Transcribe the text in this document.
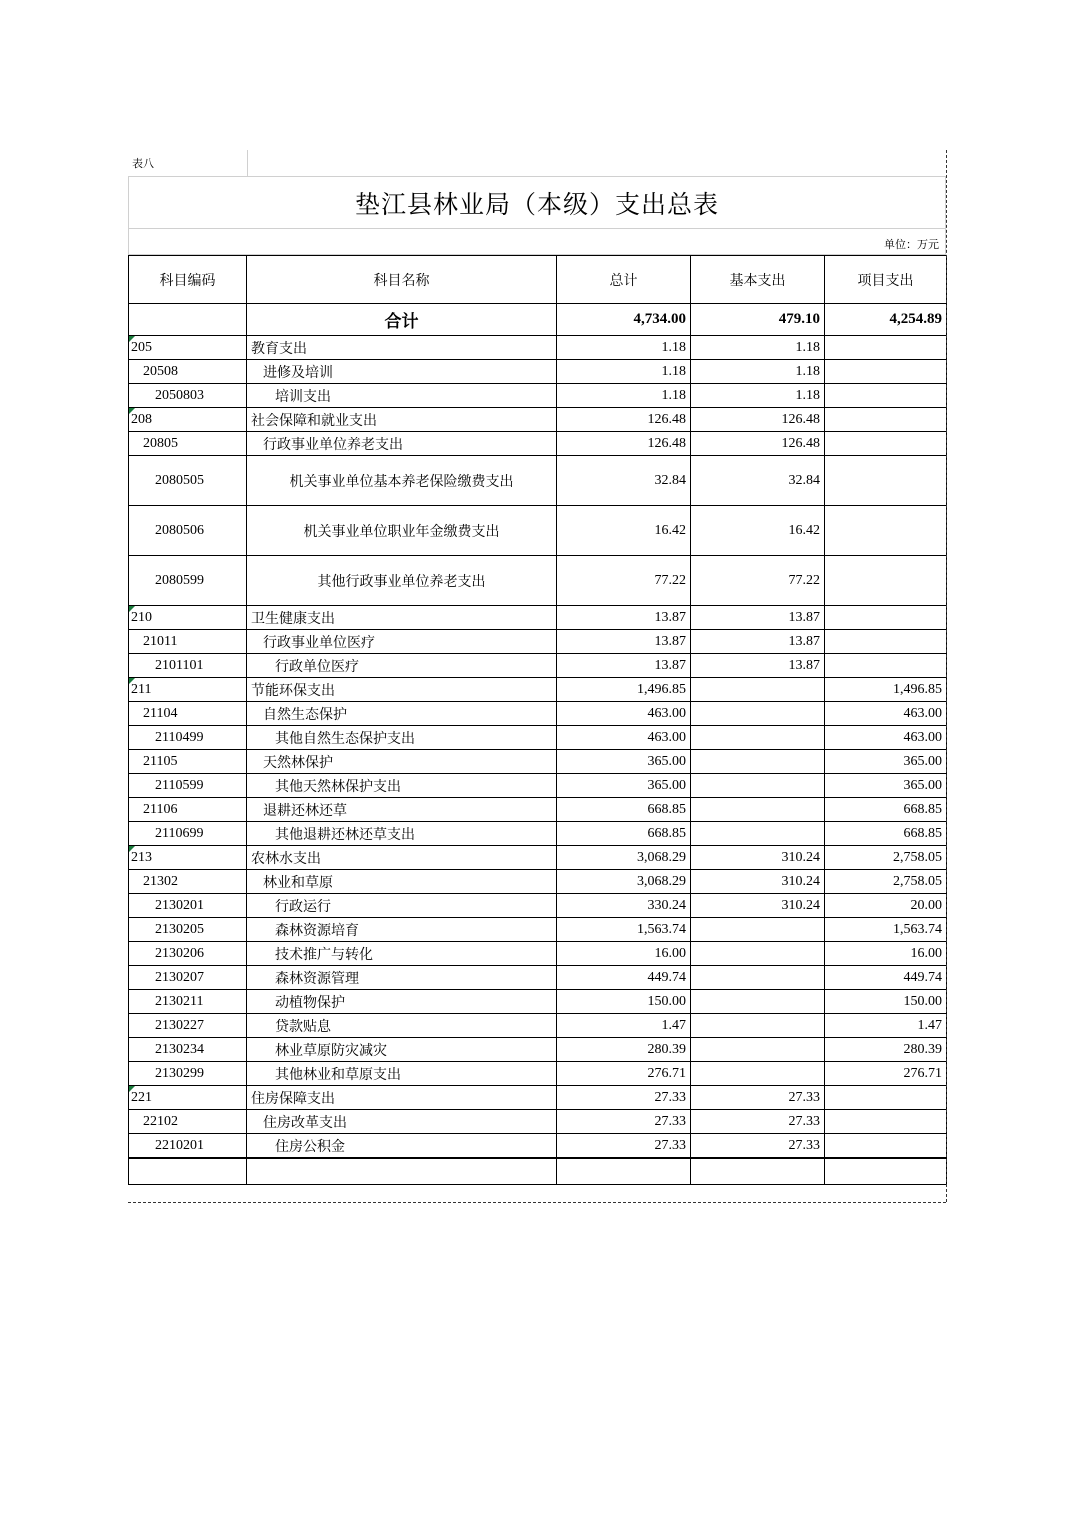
表八
垫江县林业局（本级）支出总表
单位：万元
科目编码	科目名称	总计	基本支出	项目支出
	合计	4,734.00	479.10	4,254.89

205	教育支出	1.18	1.18	
20508	进修及培训	1.18	1.18	
2050803	培训支出	1.18	1.18	

208	社会保障和就业支出	126.48	126.48	
20805	行政事业单位养老支出	126.48	126.48	
2080505	机关事业单位基本养老保险缴费支出	32.84	32.84	
2080506	机关事业单位职业年金缴费支出	16.42	16.42	
2080599	其他行政事业单位养老支出	77.22	77.22	

210	卫生健康支出	13.87	13.87	
21011	行政事业单位医疗	13.87	13.87	
2101101	行政单位医疗	13.87	13.87	

211	节能环保支出	1,496.85		1,496.85
21104	自然生态保护	463.00		463.00
2110499	其他自然生态保护支出	463.00		463.00
21105	天然林保护	365.00		365.00
2110599	其他天然林保护支出	365.00		365.00
21106	退耕还林还草	668.85		668.85
2110699	其他退耕还林还草支出	668.85		668.85

213	农林水支出	3,068.29	310.24	2,758.05
21302	林业和草原	3,068.29	310.24	2,758.05
2130201	行政运行	330.24	310.24	20.00
2130205	森林资源培育	1,563.74		1,563.74
2130206	技术推广与转化	16.00		16.00
2130207	森林资源管理	449.74		449.74
2130211	动植物保护	150.00		150.00
2130227	贷款贴息	1.47		1.47
2130234	林业草原防灾减灾	280.39		280.39
2130299	其他林业和草原支出	276.71		276.71

221	住房保障支出	27.33	27.33	
22102	住房改革支出	27.33	27.33	
2210201	住房公积金	27.33	27.33	
